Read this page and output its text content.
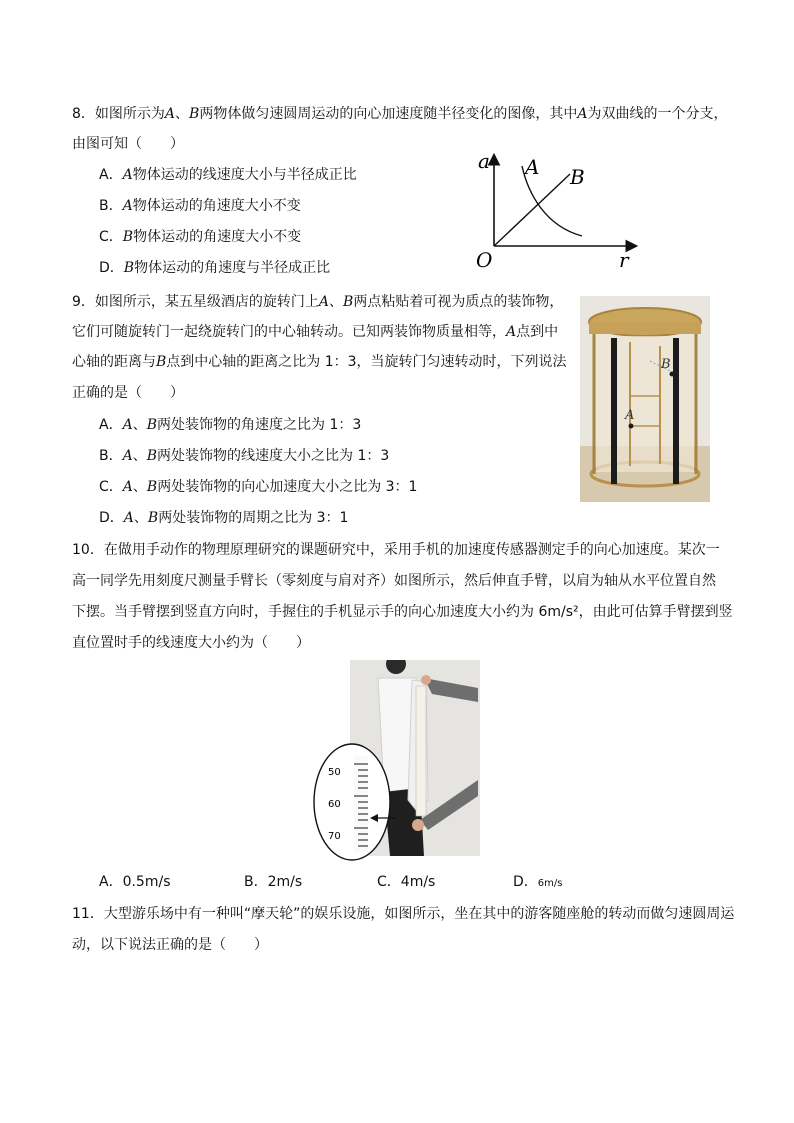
8．如图所示为A、B两物体做匀速圆周运动的向心加速度随半径变化的图像，其中A为双曲线的一个分支，
由图可知（　　）
A．A物体运动的线速度大小与半径成正比
B．A物体运动的角速度大小不变
C．B物体运动的角速度大小不变
D．B物体运动的角速度与半径成正比
a
r
O
A B
9．如图所示，某五星级酒店的旋转门上A、B两点粘贴着可视为质点的装饰物，
它们可随旋转门一起绕旋转门的中心轴转动。已知两装饰物质量相等，A点到中
心轴的距离与B点到中心轴的距离之比为 1：3，当旋转门匀速转动时，下列说法
正确的是（　　）
A．A、B两处装饰物的角速度之比为 1：3
B．A、B两处装饰物的线速度大小之比为 1：3
C．A、B两处装饰物的向心加速度大小之比为 3：1
D．A、B两处装饰物的周期之比为 3：1
B
A
10．在做用手动作的物理原理研究的课题研究中，采用手机的加速度传感器测定手的向心加速度。某次一
高一同学先用刻度尺测量手臂长（零刻度与肩对齐）如图所示，然后伸直手臂，以肩为轴从水平位置自然
下摆。当手臂摆到竖直方向时，手握住的手机显示手的向心加速度大小约为 6m/s²，由此可估算手臂摆到竖
直位置时手的线速度大小约为（　　）
50
60
70
A．0.5m/s	B．2m/s	C．4m/s	D．6m/s
11．大型游乐场中有一种叫“摩天轮”的娱乐设施，如图所示，坐在其中的游客随座舱的转动而做匀速圆周运
动，以下说法正确的是（　　）
